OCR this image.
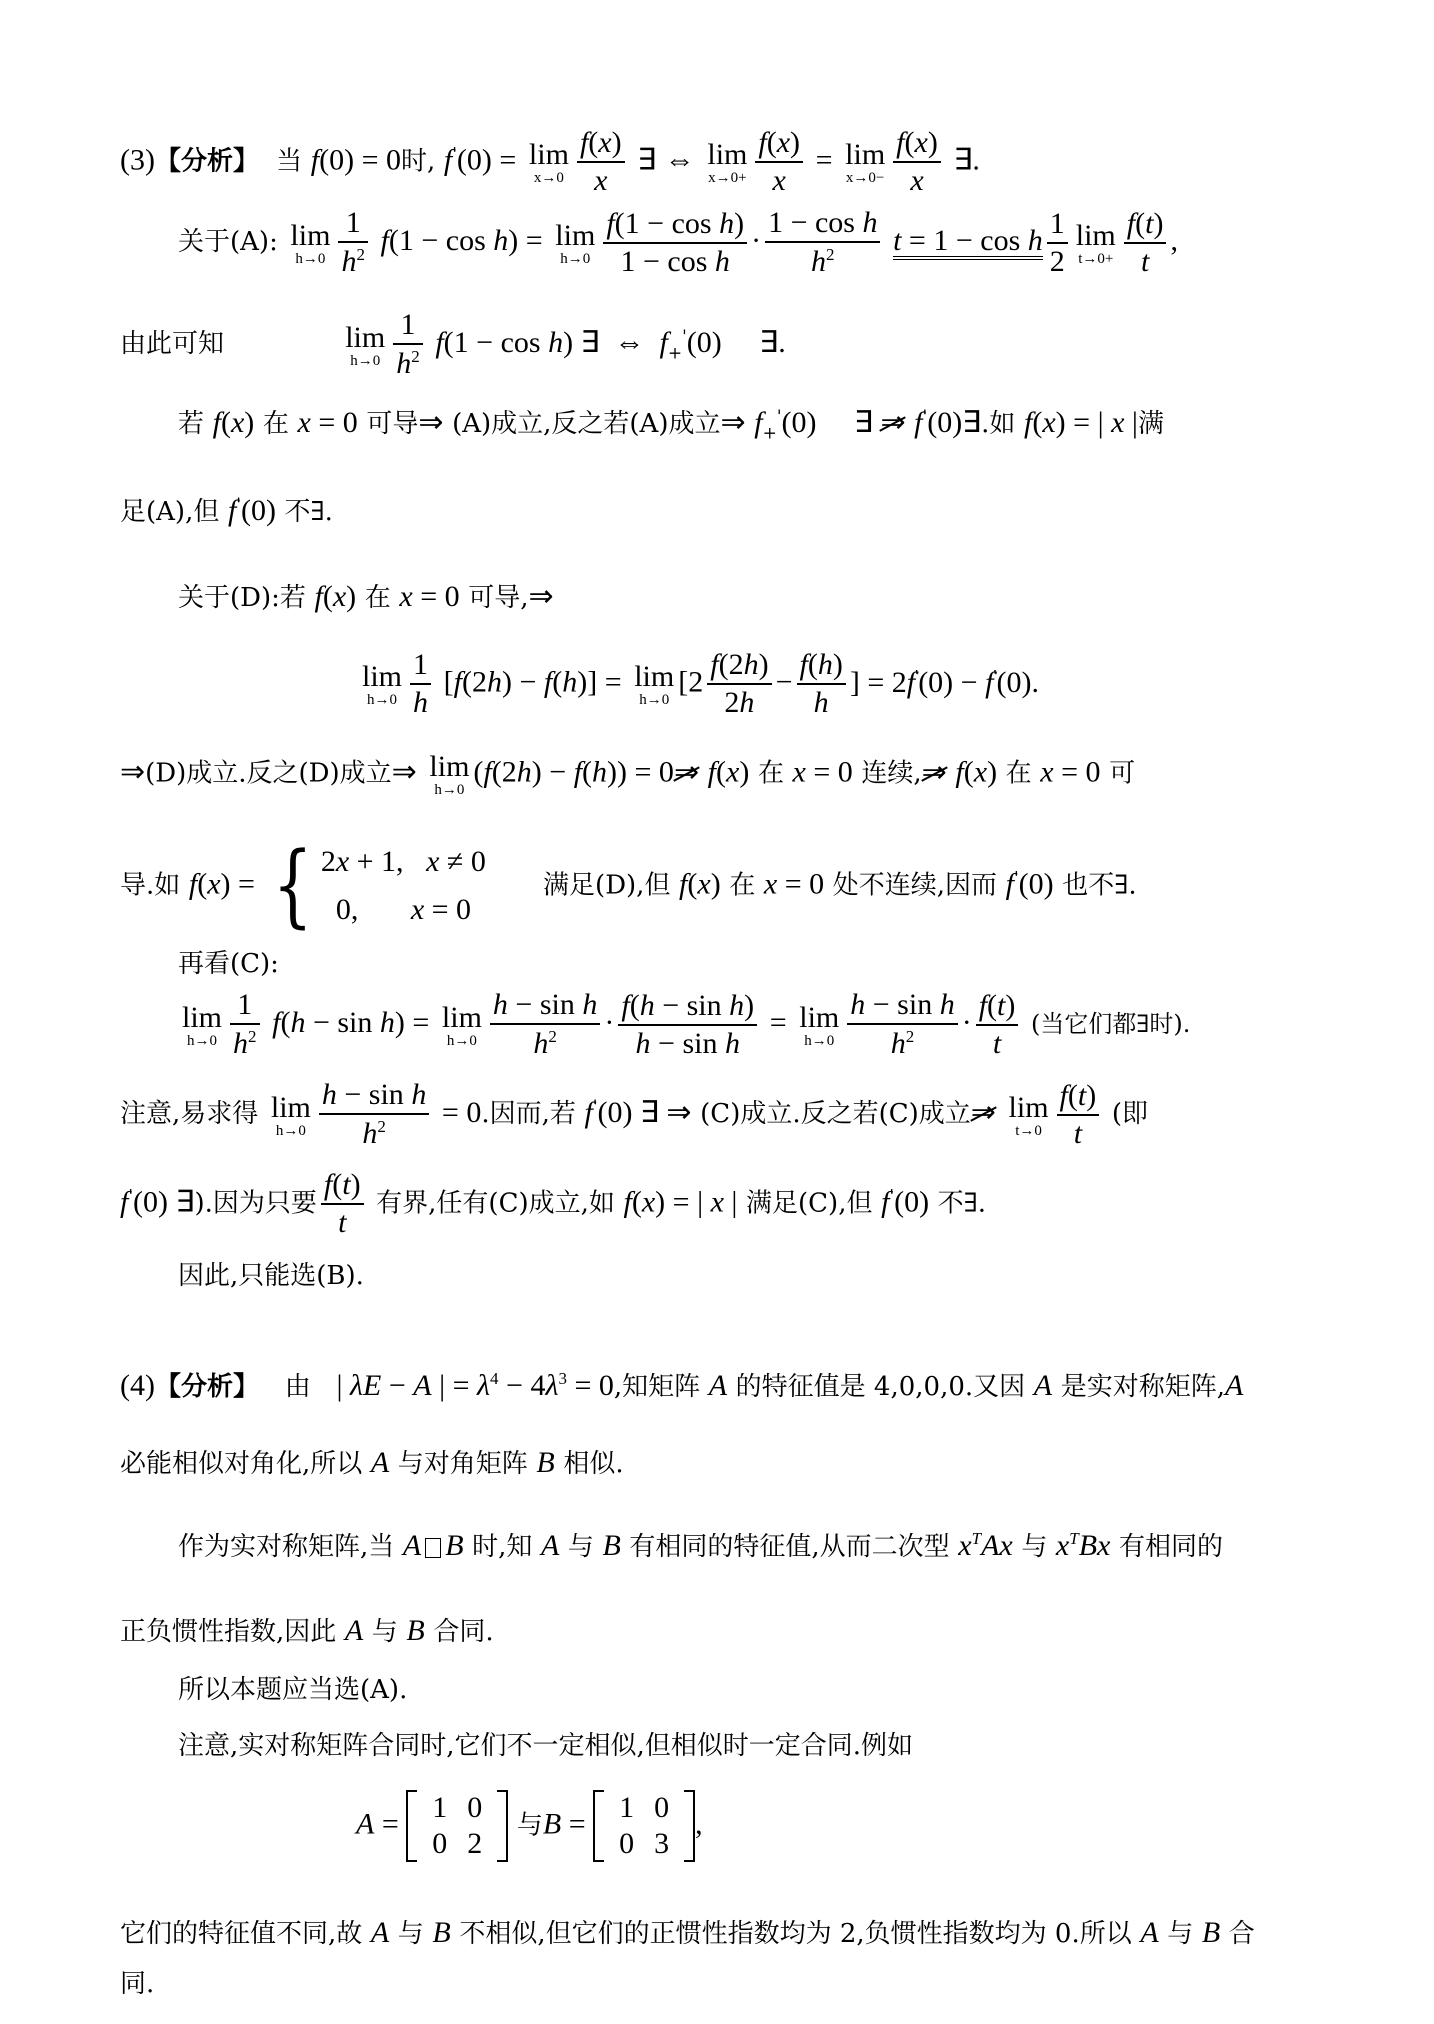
(3)【分析】 当 f(0) = 0时, f'(0) = lim
$x\to 0 \frac{f(x)}{x}$ ∃ ⇔ lim
$x\to 0+ \frac{f(x)}{x} = \lim$
$x\to 0- \frac{f(x)}{x}$ ∃.
关于(A): lim
$h\to 0 \frac{1}{h^2} f(1 - \cos h) = \lim$
$h\to 0 \frac{\text{f(1 − cos h)}}{\text{1 − cos h}} \cdot \frac{\text{1 − cos h}}{h^2}$ t = 1 − cos h $\frac{1}{2}$ lim
$t\to 0+ \frac{f(t)}{t}$ ,
由此可知	lim
$h\to 0 \frac{1}{h^2} f(1 - \cos h)$ ∃  ⇔  $f_+'(0)$     ∃.
若 f(x) 在 x = 0 可导⇒ (A)成立,反之若(A)成立⇒ $f_+'(0)$     ∃ ⇒ f'(0)∃.如 f(x) = | x |满
足(A),但 f'(0) 不∃.
关于(D):若 f(x) 在 x = 0 可导,⇒
lim
$h\to 0 \frac{1}{h} [f(2h) - f(h)] = \lim$
h→0
[$2 \frac{f(2h)}{2h} - \frac{f(h)}{h}$ ] = 2f'(0) − f'(0).
⇒(D)成立.反之(D)成立⇒ lim
h→0
(f(2h) − f(h)) = 0⇒ f(x) 在 x = 0 连续,⇒ f(x) 在 x = 0 可
导.如 f(x) = { 2x + 1,   x ≠ 0
0,       x = 0  满足(D),但 f(x) 在 x = 0 处不连续,因而 f'(0) 也不∃.
再看(C):
lim
$h\to 0 \frac{1}{h^2} f(h - \sin h) = \lim$
$h\to 0 \frac{\text{h − sin h}}{h^2} \cdot \frac{\text{f(h − sin h)}}{\text{h − sin h}} = \lim$
$h\to 0 \frac{\text{h − sin h}}{h^2} \cdot \frac{f(t)}{t}$ (当它们都∃时).
注意,易求得 lim
$h\to 0 \frac{\text{h − sin h}}{h^2} = 0$.因而,若 f'(0) ∃ ⇒ (C)成立.反之若(C)成立⇒ lim
$t\to 0 \frac{f(t)}{t}$ (即
f'(0) ∃).因为只要 $\frac{f(t)}{t}$ 有界,任有(C)成立,如 f(x) = | x | 满足(C),但 f'(0) 不∃.
因此,只能选(B).
(4)【分析】 由 | λE − A | = $\lambda^4 - 4\lambda^3 = 0$,知矩阵 A 的特征值是 4,0,0,0.又因 A 是实对称矩阵,A
必能相似对角化,所以 A 与对角矩阵 B 相似.
作为实对称矩阵,当 A B 时,知 A 与 B 有相同的特征值,从而二次型 $x^TAx$ 与 $x^TBx$ 有相同的
正负惯性指数,因此 A 与 B 合同.
所以本题应当选(A).
注意,实对称矩阵合同时,它们不一定相似,但相似时一定合同.例如
A = 1	0
0	2
与B = 1	0
0	3
,
它们的特征值不同,故 A 与 B 不相似,但它们的正惯性指数均为 2,负惯性指数均为 0.所以 A 与 B 合
同.
